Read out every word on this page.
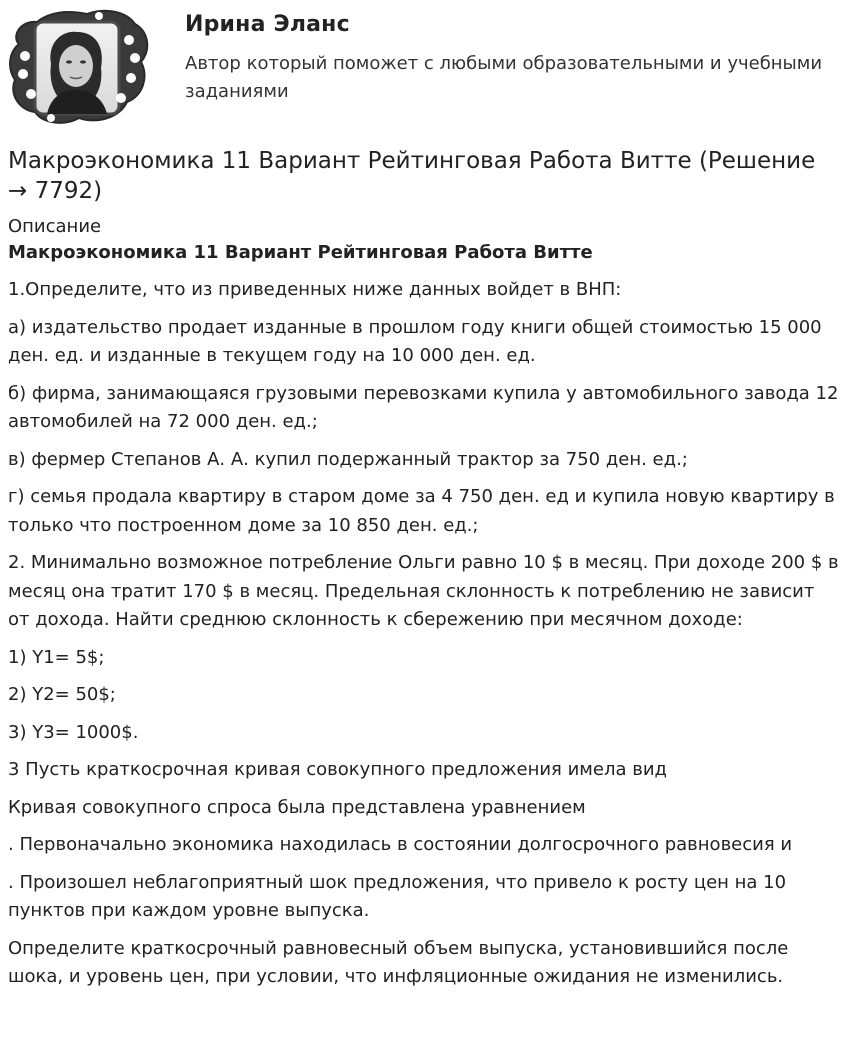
Ирина Эланс
Автор который поможет с любыми образовательными и учебными заданиями
Макроэкономика 11 Вариант Рейтинговая Работа Витте (Решение → 7792)

Описание

Макроэкономика 11 Вариант Рейтинговая Работа Витте

1.Определите, что из приведенных ниже данных войдет в ВНП:

а) издательство продает изданные в прошлом году книги общей стоимостью 15 000 ден. ед. и изданные в текущем году на 10 000 ден. ед.

б) фирма, занимающаяся грузовыми перевозками купила у автомобильного завода 12 автомобилей на 72 000 ден. ед.;

в) фермер Степанов А. А. купил подержанный трактор за 750 ден. ед.;

г) семья продала квартиру в старом доме за 4 750 ден. ед и купила новую квартиру в только что построенном доме за 10 850 ден. ед.;

2. Минимально возможное потребление Ольги равно 10 $ в месяц. При доходе 200 $ в месяц она тратит 170 $ в месяц. Предельная склонность к потреблению не зависит от дохода. Найти среднюю склонность к сбережению при месячном доходе:

1) Y1= 5$;

2) Y2= 50$;

3) Y3= 1000$.

3 Пусть краткосрочная кривая совокупного предложения имела вид

Кривая совокупного спроса была представлена уравнением

. Первоначально экономика находилась в состоянии долгосрочного равновесия и

. Произошел неблагоприятный шок предложения, что привело к росту цен на 10 пунктов при каждом уровне выпуска.

Определите краткосрочный равновесный объем выпуска, установившийся после шока, и уровень цен, при условии, что инфляционные ожидания не изменились.
